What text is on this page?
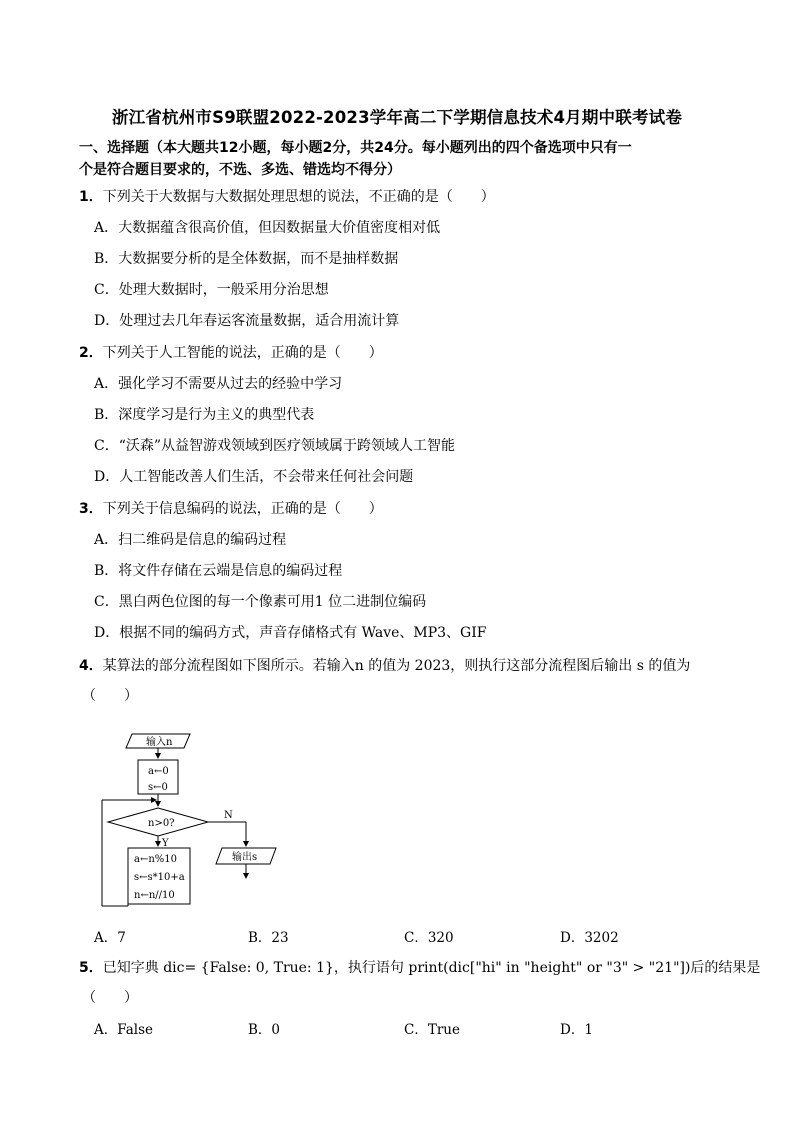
浙江省杭州市S9联盟2022-2023学年高二下学期信息技术4月期中联考试卷
一、选择题（本大题共12小题，每小题2分，共24分。每小题列出的四个备选项中只有一
个是符合题目要求的，不选、多选、错选均不得分）
1．下列关于大数据与大数据处理思想的说法，不正确的是（　　）
A．大数据蕴含很高价值，但因数据量大价值密度相对低
B．大数据要分析的是全体数据，而不是抽样数据
C．处理大数据时，一般采用分治思想
D．处理过去几年春运客流量数据，适合用流计算
2．下列关于人工智能的说法，正确的是（　　）
A．强化学习不需要从过去的经验中学习
B．深度学习是行为主义的典型代表
C．“沃森”从益智游戏领域到医疗领域属于跨领域人工智能
D．人工智能改善人们生活，不会带来任何社会问题
3．下列关于信息编码的说法，正确的是（　　）
A．扫二维码是信息的编码过程
B．将文件存储在云端是信息的编码过程
C．黑白两色位图的每一个像素可用1 位二进制位编码
D．根据不同的编码方式，声音存储格式有 Wave、MP3、GIF
4．某算法的部分流程图如下图所示。若输入n 的值为 2023，则执行这部分流程图后输出 s 的值为
（　　）
输入n
a←0
s←0
n>0?
N
Y
输出s
a←n%10
s←s*10+a
n←n//10
A．7	B．23	C．320	D．3202
5．已知字典 dic= {False: 0, True: 1}，执行语句 print(dic["hi" in "height" or "3" > "21"])后的结果是
（　　）
A．False	B．0	C．True	D．1
